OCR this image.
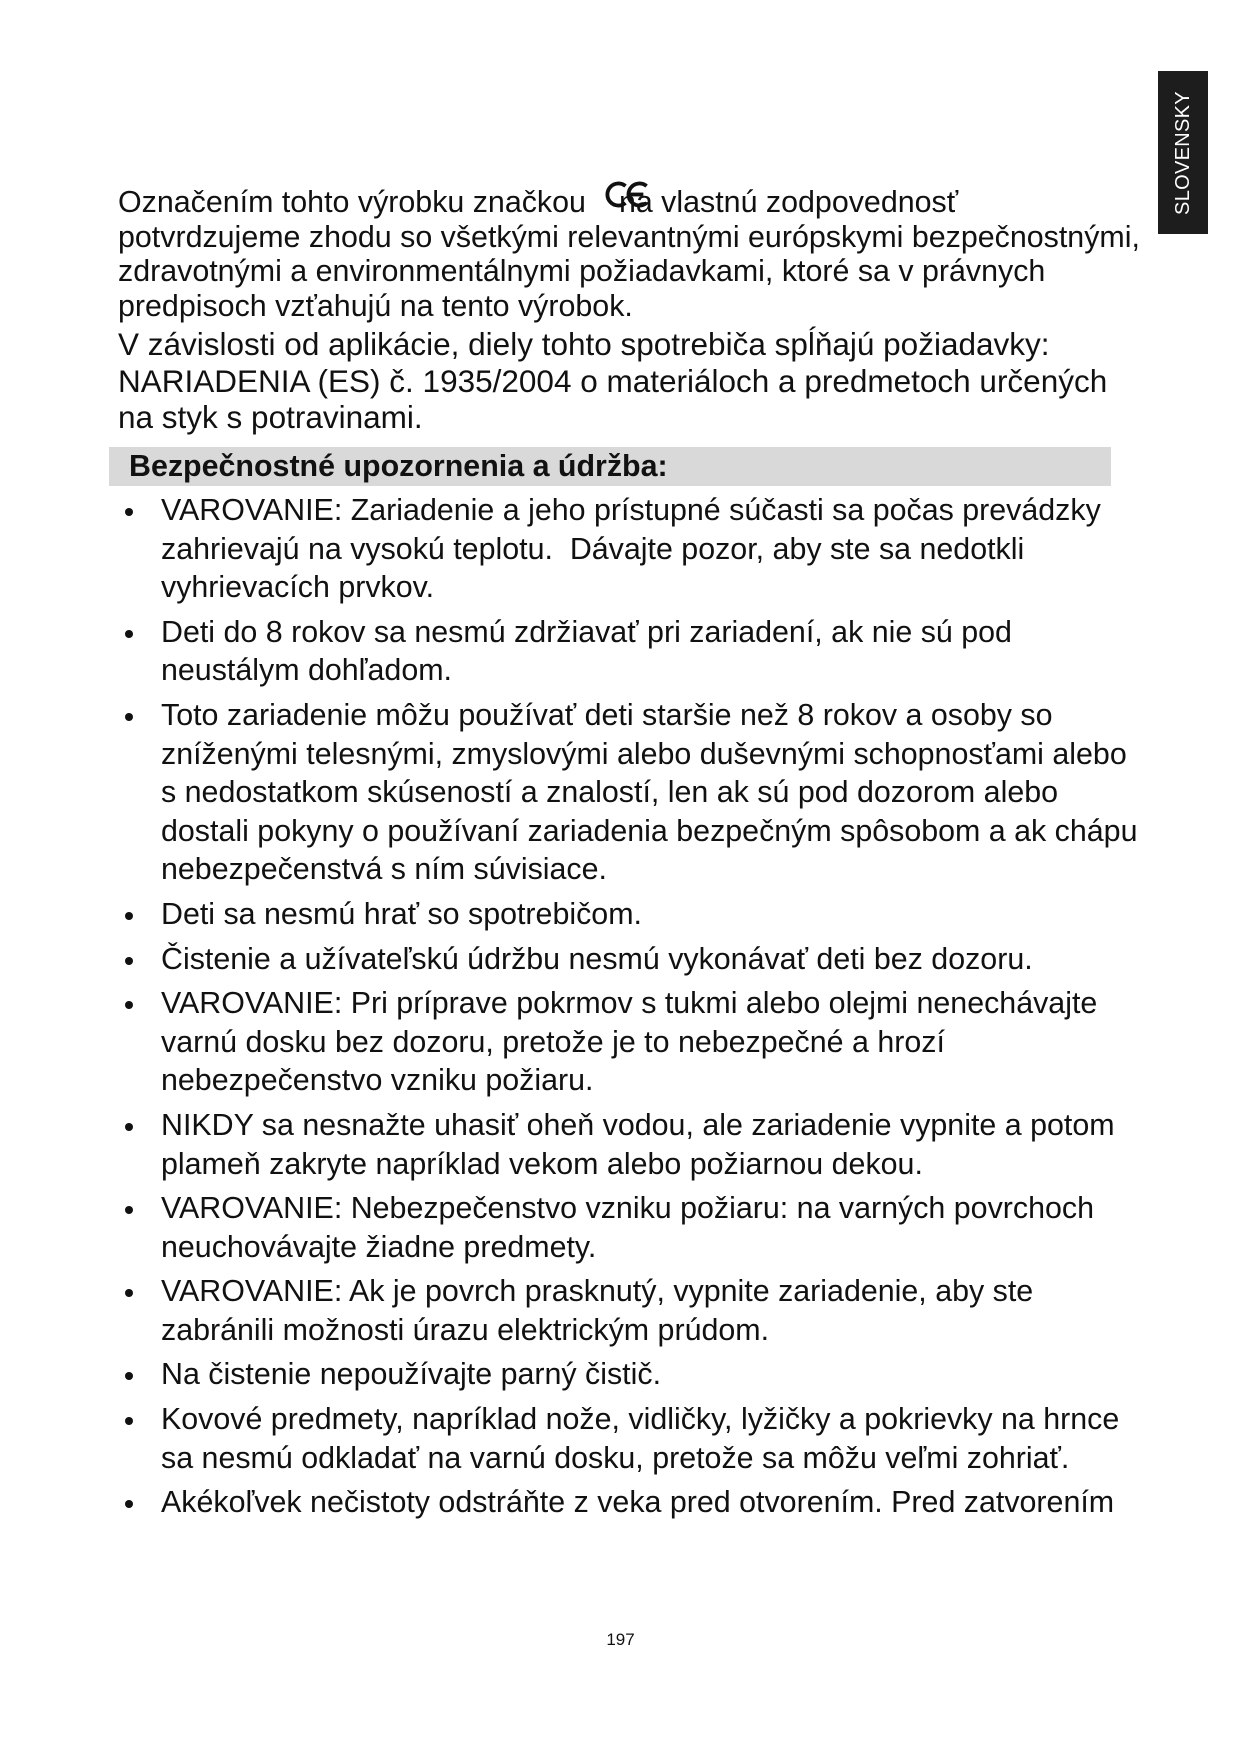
SLOVENSKY
Označením tohto výrobku značkou na vlastnú zodpovednosť
potvrdzujeme zhodu so všetkými relevantnými európskymi bezpečnostnými,
zdravotnými a environmentálnymi požiadavkami, ktoré sa v právnych
predpisoch vzťahujú na tento výrobok.
V závislosti od aplikácie, diely tohto spotrebiča spĺňajú požiadavky:
NARIADENIA (ES) č. 1935/2004 o materiáloch a predmetoch určených
na styk s potravinami.
Bezpečnostné upozornenia a údržba:
VAROVANIE: Zariadenie a jeho prístupné súčasti sa počas prevádzky
zahrievajú na vysokú teplotu.  Dávajte pozor, aby ste sa nedotkli
vyhrievacích prvkov.
Deti do 8 rokov sa nesmú zdržiavať pri zariadení, ak nie sú pod
neustálym dohľadom.
Toto zariadenie môžu používať deti staršie než 8 rokov a osoby so
zníženými telesnými, zmyslovými alebo duševnými schopnosťami alebo
s nedostatkom skúseností a znalostí, len ak sú pod dozorom alebo
dostali pokyny o používaní zariadenia bezpečným spôsobom a ak chápu
nebezpečenstvá s ním súvisiace.
Deti sa nesmú hrať so spotrebičom.
Čistenie a užívateľskú údržbu nesmú vykonávať deti bez dozoru.
VAROVANIE: Pri príprave pokrmov s tukmi alebo olejmi nenechávajte
varnú dosku bez dozoru, pretože je to nebezpečné a hrozí
nebezpečenstvo vzniku požiaru.
NIKDY sa nesnažte uhasiť oheň vodou, ale zariadenie vypnite a potom
plameň zakryte napríklad vekom alebo požiarnou dekou.
VAROVANIE: Nebezpečenstvo vzniku požiaru: na varných povrchoch
neuchovávajte žiadne predmety.
VAROVANIE: Ak je povrch prasknutý, vypnite zariadenie, aby ste
zabránili možnosti úrazu elektrickým prúdom.
Na čistenie nepoužívajte parný čistič.
Kovové predmety, napríklad nože, vidličky, lyžičky a pokrievky na hrnce
sa nesmú odkladať na varnú dosku, pretože sa môžu veľmi zohriať.
Akékoľvek nečistoty odstráňte z veka pred otvorením. Pred zatvorením
197
